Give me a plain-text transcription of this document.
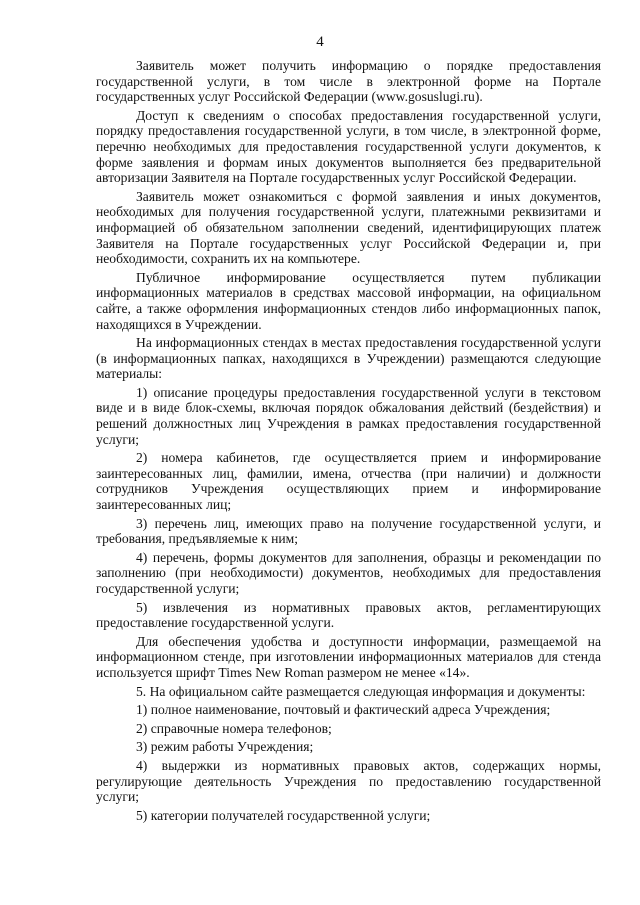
4

Заявитель может получить информацию о порядке предоставления государственной услуги, в том числе в электронной форме на Портале государственных услуг Российской Федерации (www.gosuslugi.ru).

Доступ к сведениям о способах предоставления государственной услуги, порядку предоставления государственной услуги, в том числе, в электронной форме, перечню необходимых для предоставления государственной услуги документов, к форме заявления и формам иных документов выполняется без предварительной авторизации Заявителя на Портале государственных услуг Российской Федерации.

Заявитель может ознакомиться с формой заявления и иных документов, необходимых для получения государственной услуги, платежными реквизитами и информацией об обязательном заполнении сведений, идентифицирующих платеж Заявителя на Портале государственных услуг Российской Федерации и, при необходимости, сохранить их на компьютере.

Публичное информирование осуществляется путем публикации информационных материалов в средствах массовой информации, на официальном сайте, а также оформления информационных стендов либо информационных папок, находящихся в Учреждении.

На информационных стендах в местах предоставления государственной услуги (в информационных папках, находящихся в Учреждении) размещаются следующие материалы:

1) описание процедуры предоставления государственной услуги в текстовом виде и в виде блок-схемы, включая порядок обжалования действий (бездействия) и решений должностных лиц Учреждения в рамках предоставления государственной услуги;

2) номера кабинетов, где осуществляется прием и информирование заинтересованных лиц, фамилии, имена, отчества (при наличии) и должности сотрудников Учреждения осуществляющих прием и информирование заинтересованных лиц;

3) перечень лиц, имеющих право на получение государственной услуги, и требования, предъявляемые к ним;

4) перечень, формы документов для заполнения, образцы и рекомендации по заполнению (при необходимости) документов, необходимых для предоставления государственной услуги;

5) извлечения из нормативных правовых актов, регламентирующих предоставление государственной услуги.

Для обеспечения удобства и доступности информации, размещаемой на информационном стенде, при изготовлении информационных материалов для стенда используется шрифт Times New Roman размером не менее «14».

5. На официальном сайте размещается следующая информация и документы:

1) полное наименование, почтовый и фактический адреса Учреждения;

2) справочные номера телефонов;

3) режим работы Учреждения;

4) выдержки из нормативных правовых актов, содержащих нормы, регулирующие деятельность Учреждения по предоставлению государственной услуги;

5) категории получателей государственной услуги;
